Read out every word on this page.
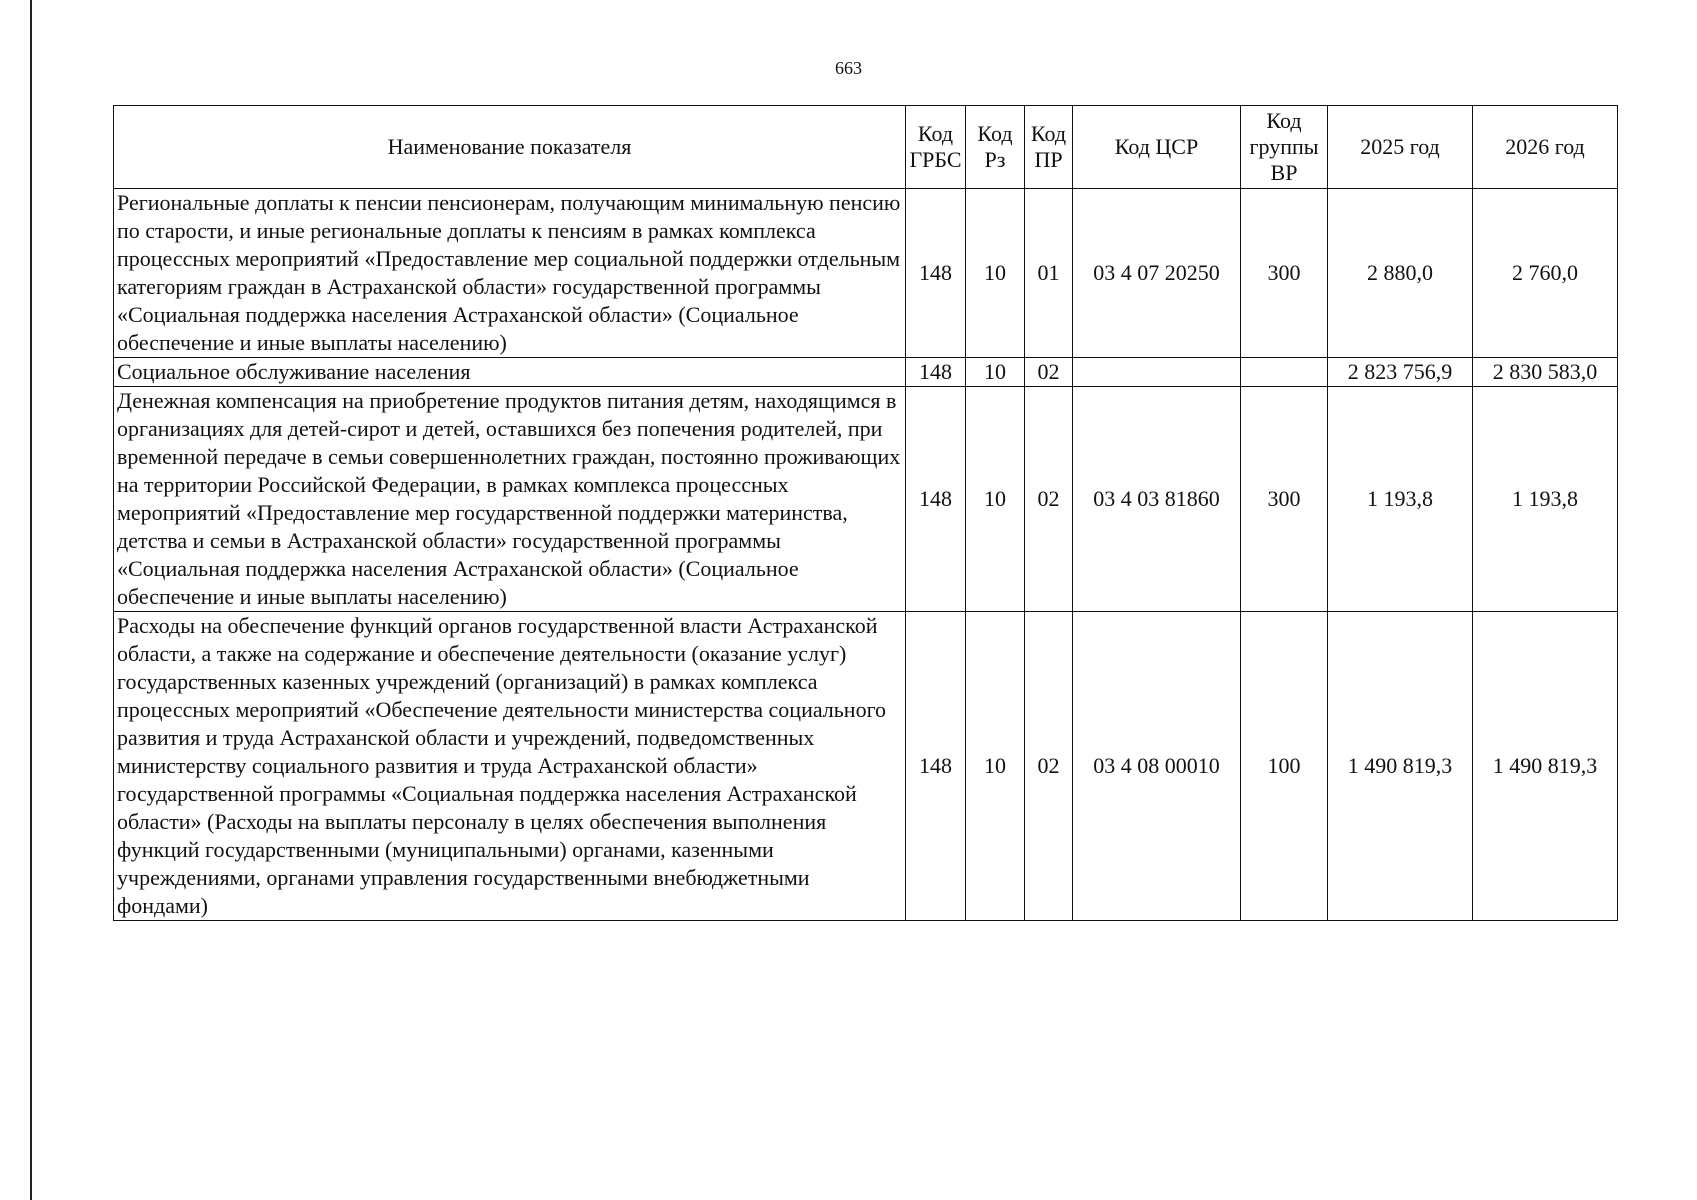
663
Наименование показателя	Код ГРБС	Код Рз	Код ПР	Код ЦСР	Код группы ВР	2025 год	2026 год
Региональные доплаты к пенсии пенсионерам, получающим минимальную пенсию по старости, и иные региональные доплаты к пенсиям в рамках комплекса процессных мероприятий «Предоставление мер социальной поддержки отдельным категориям граждан в Астраханской области» государственной программы «Социальная поддержка населения Астраханской области» (Социальное обеспечение и иные выплаты населению)	148	10	01	03 4 07 20250	300	2 880,0	2 760,0
Социальное обслуживание населения	148	10	02			2 823 756,9	2 830 583,0
Денежная компенсация на приобретение продуктов питания детям, находящимся в организациях для детей-сирот и детей, оставшихся без попечения родителей, при временной передаче в семьи совершеннолетних граждан, постоянно проживающих на территории Российской Федерации, в рамках комплекса процессных мероприятий «Предоставление мер государственной поддержки материнства, детства и семьи в Астраханской области» государственной программы «Социальная поддержка населения Астраханской области» (Социальное обеспечение и иные выплаты населению)	148	10	02	03 4 03 81860	300	1 193,8	1 193,8
Расходы на обеспечение функций органов государственной власти Астраханской области, а также на содержание и обеспечение деятельности (оказание услуг) государственных казенных учреждений (организаций) в рамках комплекса процессных мероприятий «Обеспечение деятельности министерства социального развития и труда Астраханской области и учреждений, подведомственных министерству социального развития и труда Астраханской области» государственной программы «Социальная поддержка населения Астраханской области» (Расходы на выплаты персоналу в целях обеспечения выполнения функций государственными (муниципальными) органами, казенными учреждениями, органами управления государственными внебюджетными фондами)	148	10	02	03 4 08 00010	100	1 490 819,3	1 490 819,3
